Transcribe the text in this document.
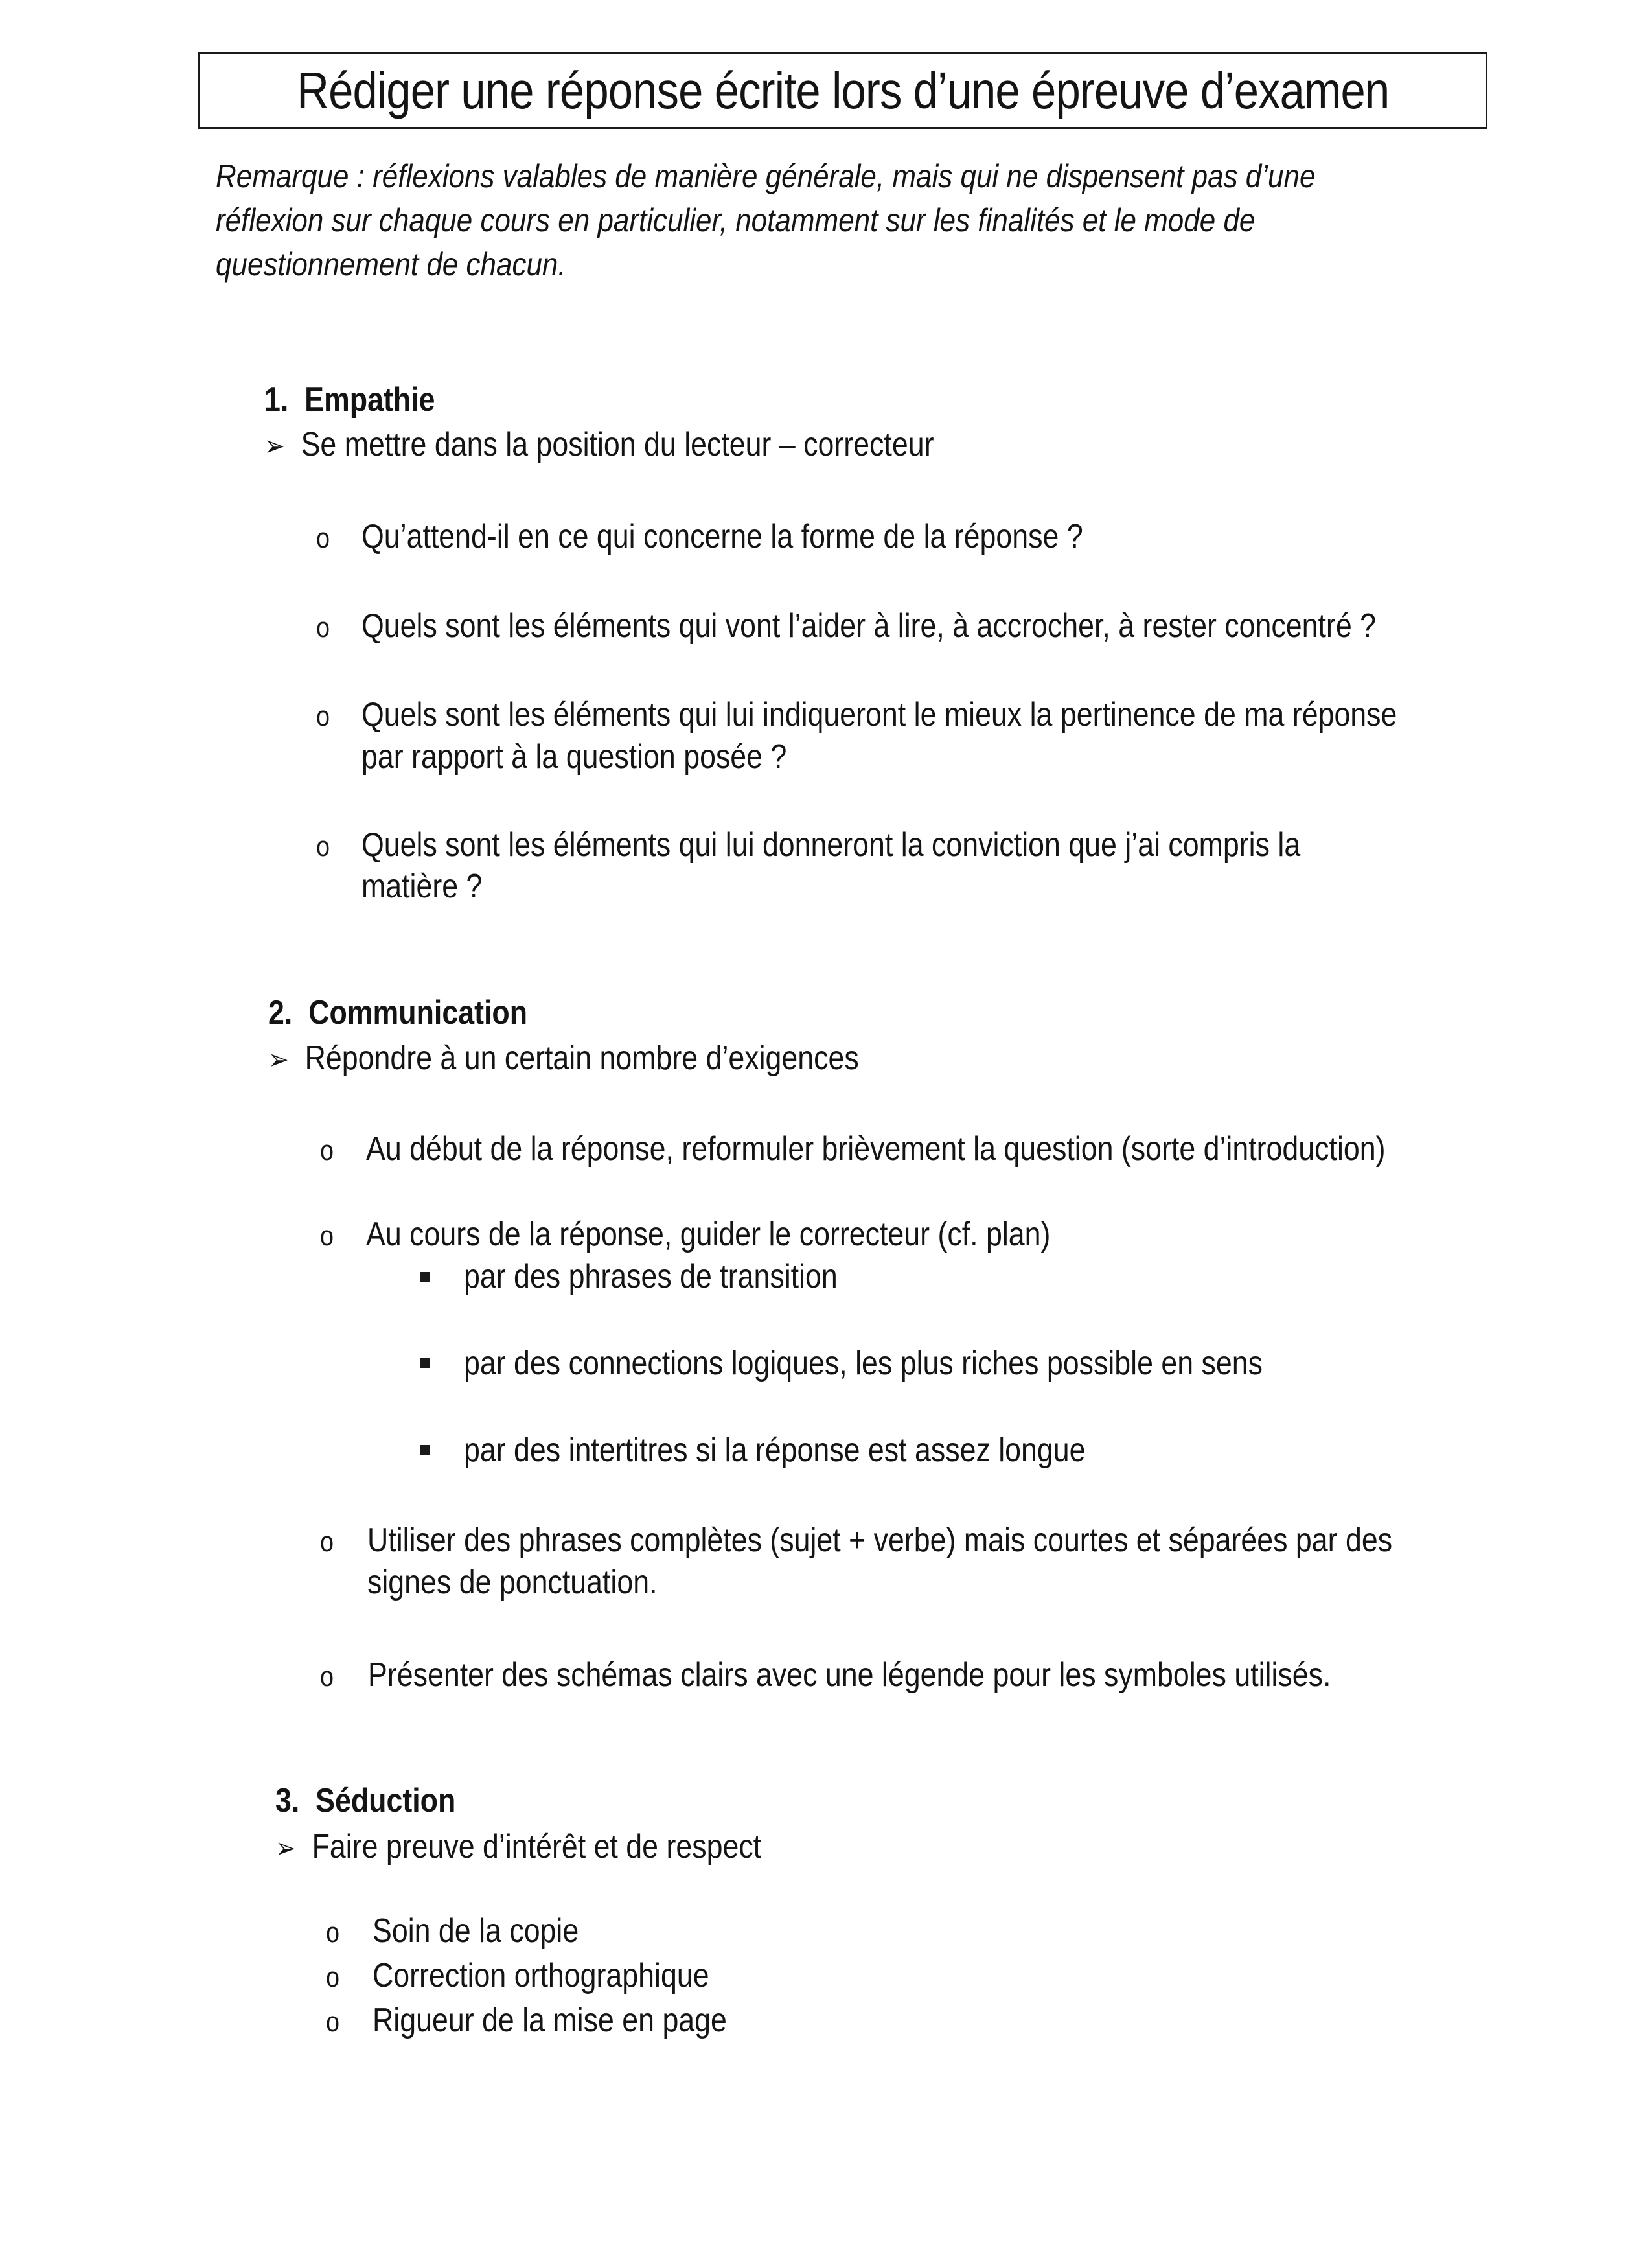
Rédiger une réponse écrite lors d’une épreuve d’examen

Remarque : réflexions valables de manière générale, mais qui ne dispensent pas d’une

réflexion sur chaque cours en particulier, notamment sur les finalités et le mode de

questionnement de chacun.

1. Empathie
➢ Se mettre dans la position du lecteur – correcteur
o Qu’attend-il en ce qui concerne la forme de la réponse ?
o Quels sont les éléments qui vont l’aider à lire, à accrocher, à rester concentré ?
o Quels sont les éléments qui lui indiqueront le mieux la pertinence de ma réponse
par rapport à la question posée ?
o Quels sont les éléments qui lui donneront la conviction que j’ai compris la
matière ?
2. Communication
➢ Répondre à un certain nombre d’exigences
o Au début de la réponse, reformuler brièvement la question (sorte d’introduction)
o Au cours de la réponse, guider le correcteur (cf. plan)
par des phrases de transition
par des connections logiques, les plus riches possible en sens
par des intertitres si la réponse est assez longue
o Utiliser des phrases complètes (sujet + verbe) mais courtes et séparées par des
signes de ponctuation.
o Présenter des schémas clairs avec une légende pour les symboles utilisés.
3. Séduction
➢ Faire preuve d’intérêt et de respect
o Soin de la copie
o Correction orthographique
o Rigueur de la mise en page
